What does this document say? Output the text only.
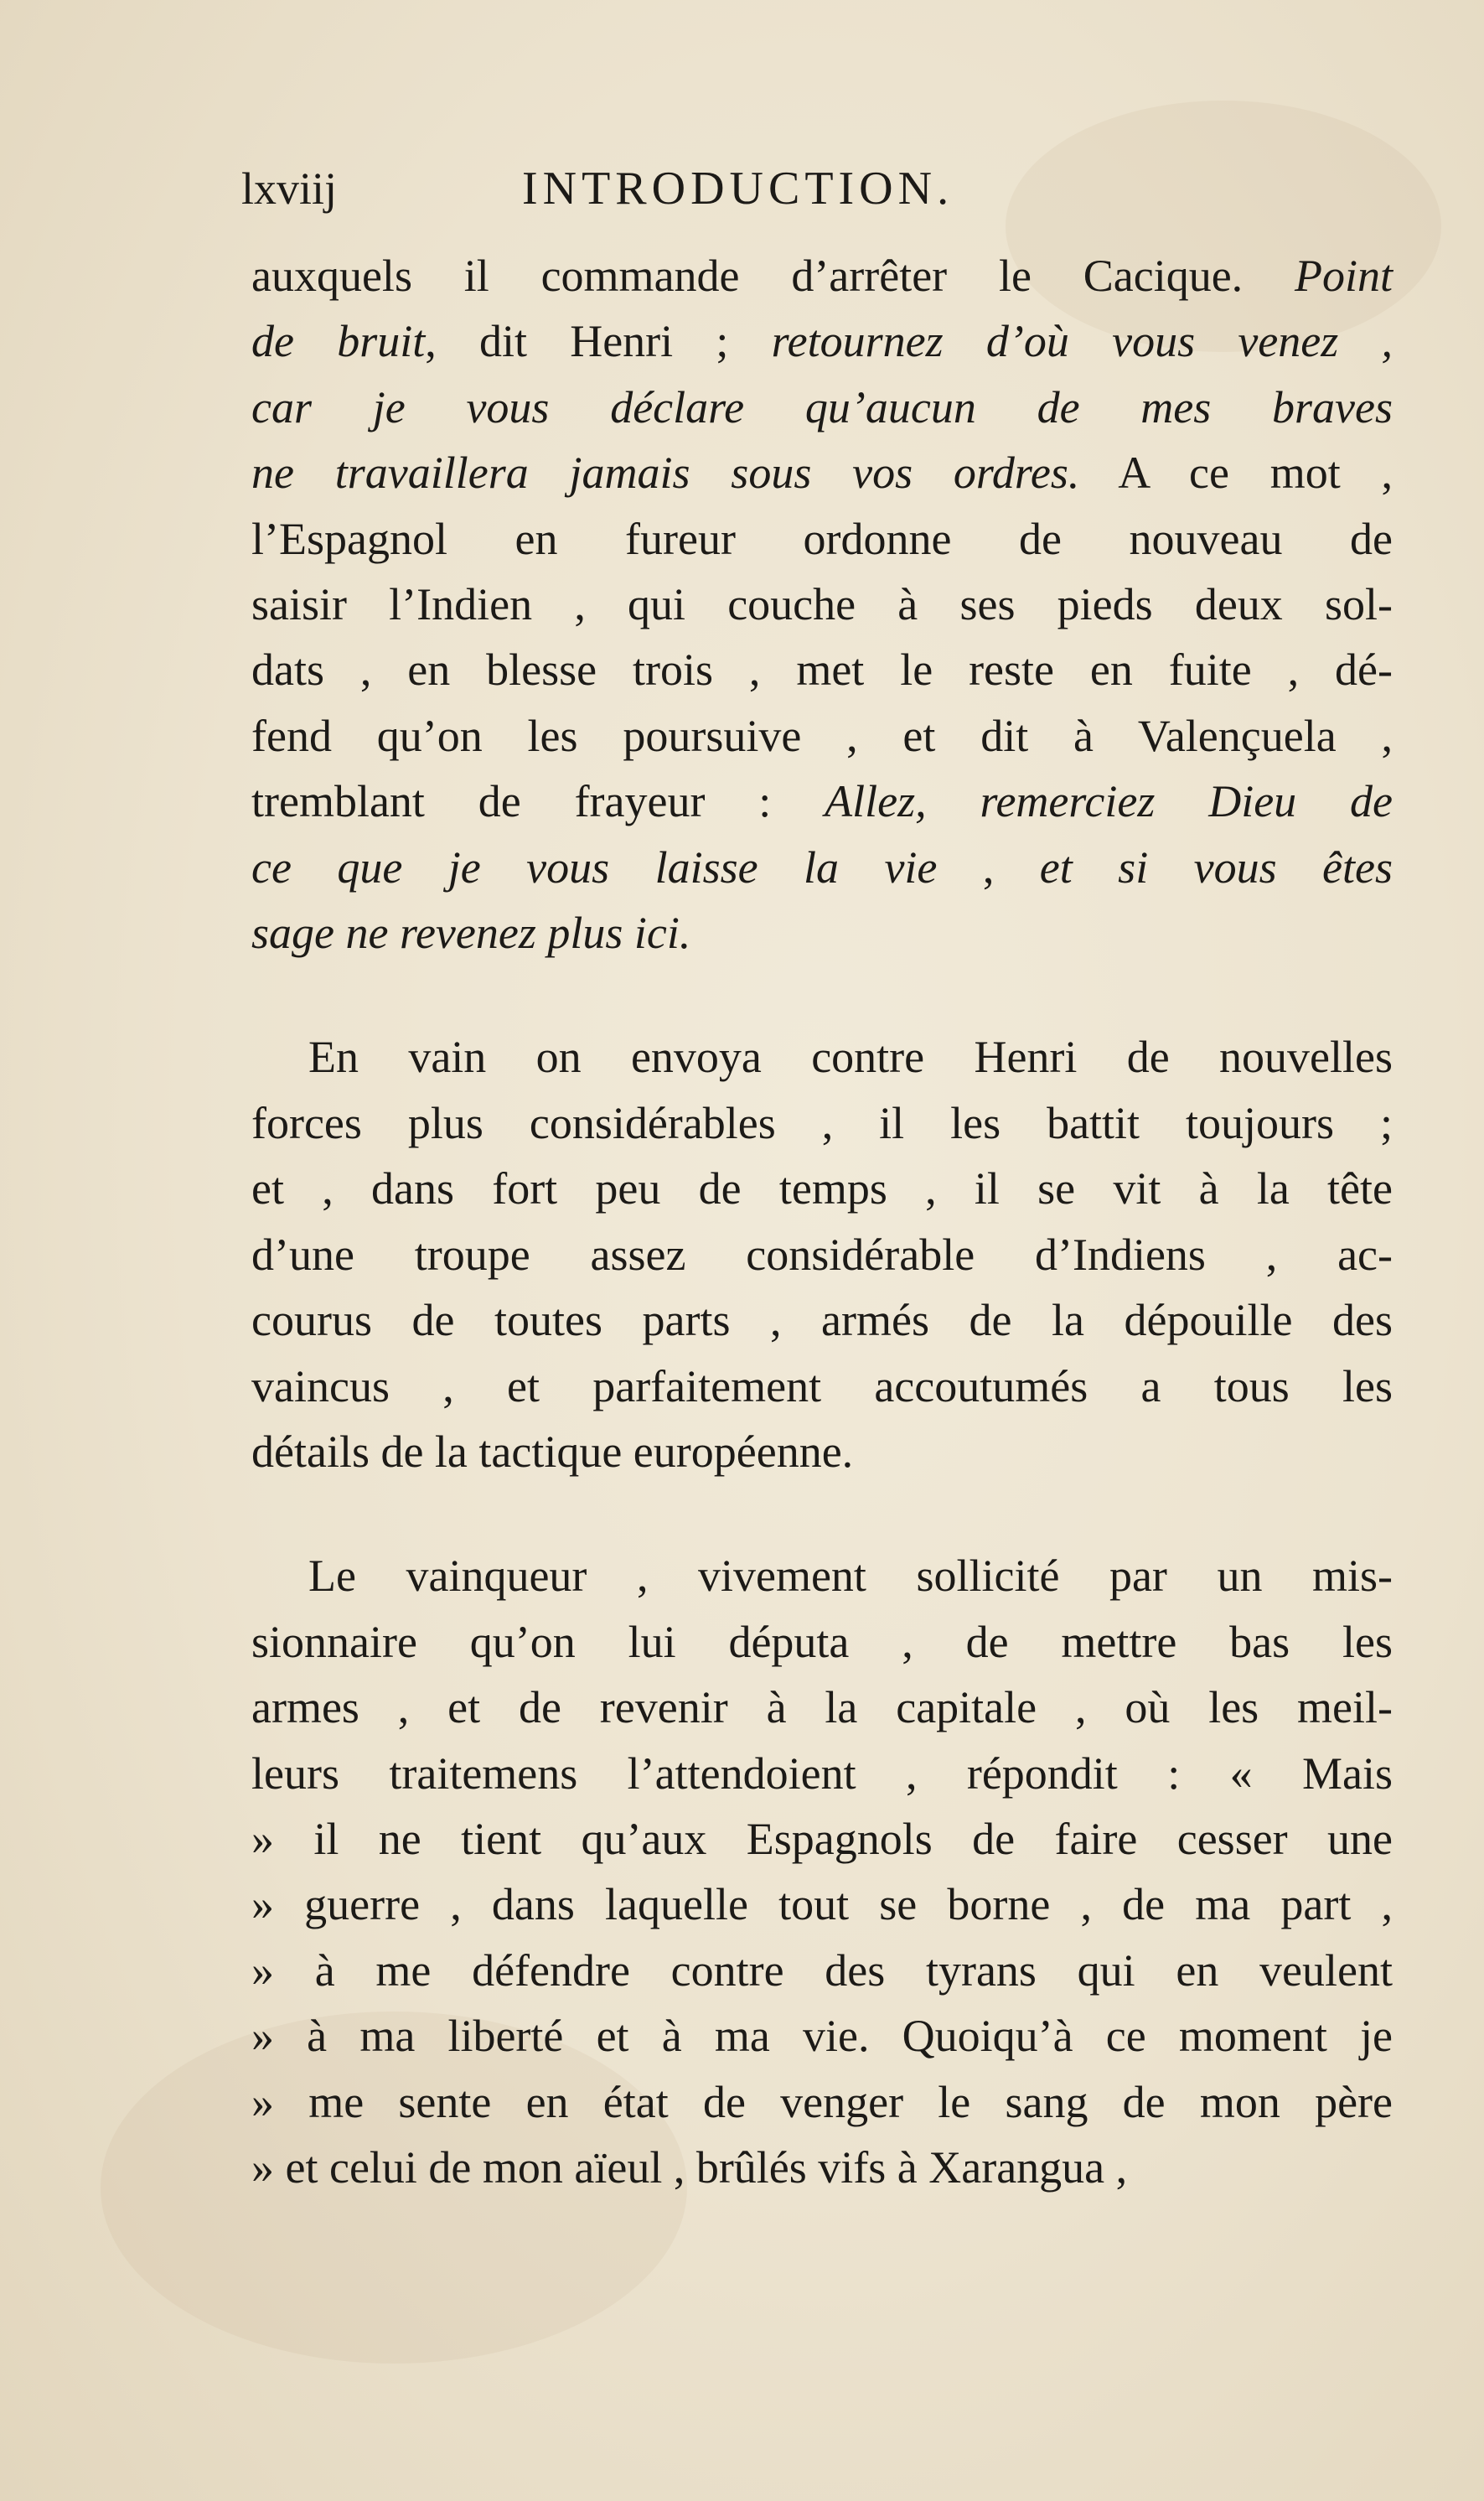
lxviij	INTRODUCTION.
auxquels il commande d’arrêter le Cacique. Point
de bruit, dit Henri ; retournez d’où vous venez ,
car je vous déclare qu’aucun de mes braves
ne travaillera jamais sous vos ordres. A ce mot ,
l’Espagnol en fureur ordonne de nouveau de
saisir l’Indien , qui couche à ses pieds deux sol-
dats , en blesse trois , met le reste en fuite , dé-
fend qu’on les poursuive , et dit à Valençuela ,
tremblant de frayeur : Allez, remerciez Dieu de
ce que je vous laisse la vie , et si vous êtes
sage ne revenez plus ici.
En vain on envoya contre Henri de nouvelles
forces plus considérables , il les battit toujours ;
et , dans fort peu de temps , il se vit à la tête
d’une troupe assez considérable d’Indiens , ac-
courus de toutes parts , armés de la dépouille des
vaincus , et parfaitement accoutumés a tous les
détails de la tactique européenne.
Le vainqueur , vivement sollicité par un mis-
sionnaire qu’on lui députa , de mettre bas les
armes , et de revenir à la capitale , où les meil-
leurs traitemens l’attendoient , répondit : « Mais
» il ne tient qu’aux Espagnols de faire cesser une
» guerre , dans laquelle tout se borne , de ma part ,
» à me défendre contre des tyrans qui en veulent
» à ma liberté et à ma vie. Quoiqu’à ce moment je
» me sente en état de venger le sang de mon père
» et celui de mon aïeul , brûlés vifs à Xarangua ,
